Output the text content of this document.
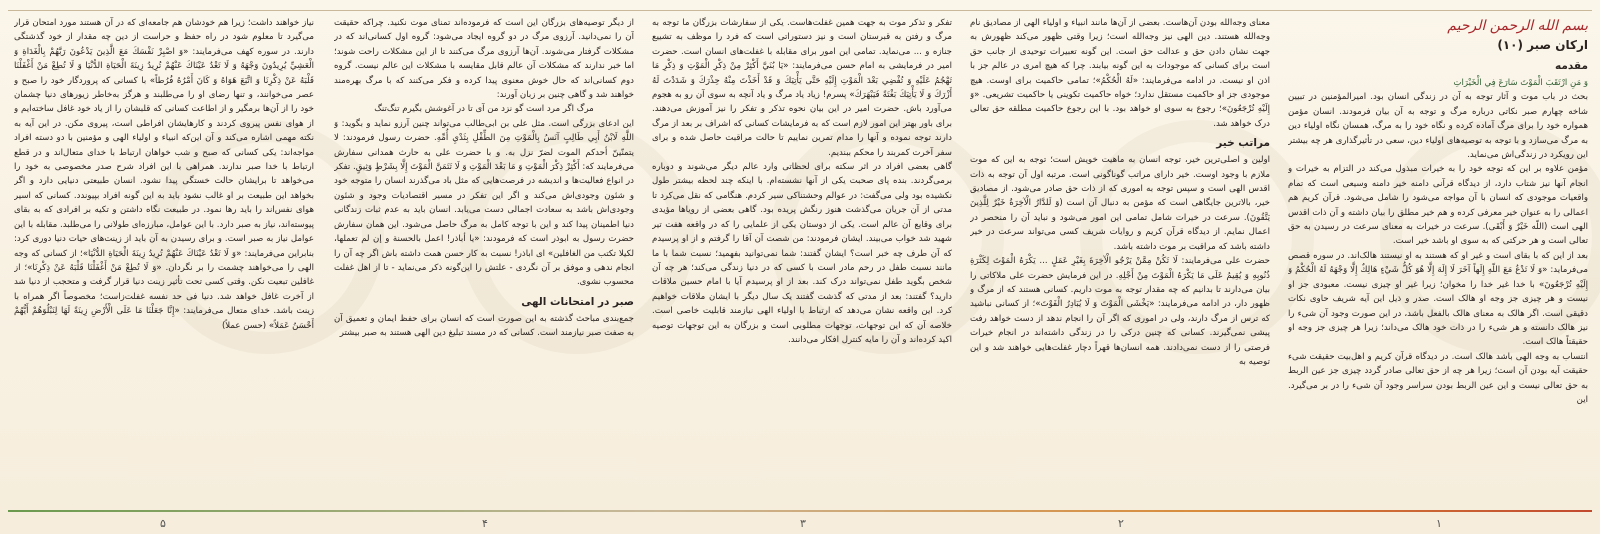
بسم الله الرحمن الرحيم
ارکان صبر (۱۰)
مقدمه

وَ مَنِ ارْتَقَبَ الْمَوْتَ سَارَعَ فِي الْخَيْرَاتِ

بحث در باب موت و آثار توجه به آن در زندگی انسان بود. امیرالمؤمنین در تبیین شاخه چهارم صبر نکاتی درباره مرگ و توجه به آن بیان فرمودند. انسان مؤمن همواره خود را برای مرگ آماده کرده و نگاه خود را به مرگ، همسان نگاه اولیاء دین به مرگ می‌سازد و با توجه به توصیه‌های اولیاء دین، سعی در تأثیرگذاری هر چه بیشتر این رویکرد در زندگی‌اش می‌نماید.

مؤمن علاوه بر این که توجه خود را به خیرات مبذول می‌کند در التزام به خیرات و انجام آنها نیز شتاب دارد، از دیدگاه قرآنی دامنه خیر دامنه وسیعی است که تمام واقعیات موجودی که انسان با آن مواجه می‌شود را شامل می‌شود. قرآن کریم هم اعمالی را به عنوان خیر معرفی کرده و هم خیر مطلق را بیان داشته و آن ذات اقدس الهی است (اللّه خَيْرٌ وَ أَبْقَى). سرعت در خیرات به معنای سرعت در رسیدن به حق تعالی است و هر حرکتی که به سوی او باشد خیر است.

بعد از این که با بقای است و غیر او که هستند به او نیستند هالک‌اند. در سوره قصص می‌فرماید: «وَ لَا تَدْعُ مَعَ اللّهِ إِلَهاً آخَرَ لَا إِلَهَ إِلَّا هُوَ كُلُّ شَيْءٍ هَالِكٌ إِلَّا وَجْهَهُ لَهُ الْحُكْمُ وَ إِلَيْهِ تُرْجَعُونَ» با خدا غیر خدا را مخوان؛ زیرا غیر او چیزی نیست. معبودی جز او نیست و هر چیزی جز وجه او هالک است. صدر و ذیل این آیه شریف حاوی نکات دقیقی است. اگر هالک به معنای هالک بالفعل باشد، در این صورت وجود آن شیء را نیز هالک دانسته و هر شیء را در ذات خود هالک می‌داند؛ زیرا هر چیزی جز وجه او حقیقتاً هالک است.

انتساب به وجه الهی باشد هالک است. در دیدگاه قرآن کریم و اهل‌بیت حقیقت شیء حقیقت آیه بودن آن است؛ زیرا هر چه از حق تعالی صادر گردد چیزی جز عین الربط به حق تعالی نیست و این عین الربط بودن سراسر وجود آن شیء را در بر می‌گیرد. این

معنای وجه‌الله بودن آن‌هاست. بعضی از آن‌ها مانند انبیاء و اولیاء الهی از مصادیق نام وجه‌الله هستند. دین الهی نیز وجه‌الله است؛ زیرا وقتی ظهور می‌کند ظهورش به جهت نشان دادن حق و عدالت حق است. این گونه تعبیرات توحیدی از جانب حق است برای کسانی که موجودات به این گونه بیابند. چرا که هیچ امری در عالم جز با اذن او نیست. در ادامه می‌فرمایند: «لَهُ الْحُكْمُ»؛ تمامی حاکمیت برای اوست. هیچ موجودی جز او حاکمیت مستقل ندارد؛ خواه حاکمیت تکوینی یا حاکمیت تشریعی. «وَ إِلَيْهِ تُرْجَعُونَ»؛ رجوع به سوی او خواهد بود. با این رجوع حاکمیت مطلقه حق تعالی درک خواهد شد.

مراتب خیر

اولین و اصلی‌ترین خیر، توجه انسان به ماهیت خویش است؛ توجه به این که موت ملازم با وجود اوست. خیر دارای مراتب گوناگونی است. مرتبه اول آن توجه به ذات اقدس الهی است و سپس توجه به اموری که از ذات حق صادر می‌شود. از مصادیق خیر، بالاترین جایگاهی است که مؤمن به دنبال آن است (وَ لَلدَّارُ الْآخِرَةُ خَيْرٌ لِلَّذِينَ يَتَّقُونَ). سرعت در خیرات شامل تمامی این امور می‌شود و نباید آن را منحصر در اعمال نمایم. از دیدگاه قرآن کریم و روایات شریف کسی می‌تواند سرعت در خیر داشته باشد که مراقبت بر موت داشته باشد.

حضرت علی می‌فرمایند: لَا تَكُنْ مِمَّنْ يَرْجُو الْآخِرَةَ بِغَيْرِ عَمَلٍ ... يَكْرَهُ الْمَوْتَ لِكَثْرَةِ ذُنُوبِهِ وَ يُقِيمُ عَلَى مَا يَكْرَهُ الْمَوْتَ مِنْ أَجْلِهِ. در این فرمایش حضرت علی ملاکاتی را بیان می‌دارند تا بدانیم که چه مقدار توجه به موت داریم. کسانی هستند که از مرگ و ظهور دار، در ادامه می‌فرمایند: «يَخْشَى الْمَوْتَ وَ لَا يُبَادِرُ الْفَوْتَ»؛ از کسانی نباشید که ترس از مرگ دارند، ولی در اموری که اگر آن را انجام ندهد از دست خواهد رفت پیشی نمی‌گیرند. کسانی که چنین درکی را در زندگی داشته‌اند در انجام خیرات فرصتی را از دست نمی‌دادند. همه انسان‌ها قهراً دچار غفلت‌هایی خواهند شد و این توصیه به

تفکر و تذکر موت به جهت همین غفلت‌هاست. یکی از سفارشات بزرگان ما توجه به مرگ و رفتن به قبرستان است و نیز دستوراتی است که فرد را موظف به تشییع جنازه و ... می‌نماید. تمامی این امور برای مقابله با غفلت‌های انسان است. حضرت امیر در فرمایشی به امام حسن می‌فرمایند: «يَا بُنَيَّ أَكْثِرْ مِنْ ذِكْرِ الْمَوْتِ وَ ذِكْرِ مَا تَهْجُمُ عَلَيْهِ وَ تُفْضِي بَعْدَ الْمَوْتِ إِلَيْهِ حَتَّى يَأْتِيَكَ وَ قَدْ أَخَذْتَ مِنْهُ حِذْرَكَ وَ شَدَدْتَ لَهُ أَزْرَكَ وَ لَا يَأْتِيَكَ بَغْتَةً فَيَبْهَرَكَ» پسرم! زیاد یاد مرگ و یاد آنچه به سوی آن رو به هجوم می‌آورد باش. حضرت امیر در این بیان نحوه تذکر و تفکر را نیز آموزش می‌دهند. برای باور بهتر این امور لازم است که به فرمایشات کسانی که اشراف بر بعد از مرگ دارند توجه نموده و آنها را مدام تمرین نماییم تا حالت مراقبت حاصل شده و برای سفر آخرت کمربند را محکم ببندیم.

گاهی بعضی افراد در اثر سکته برای لحظاتی وارد عالم دیگر می‌شوند و دوباره برمی‌گردند. بنده پای صحبت یکی از آنها نشسته‌ام. با اینکه چند لحظه بیشتر طول نکشیده بود ولی می‌گفت: در عوالم وحشتناکی سیر کردم. هنگامی که نقل می‌کرد تا مدتی از آن جریان می‌گذشت هنوز رنگش پریده بود. گاهی بعضی از رویاها مؤیدی برای وقایع آن عالم است. یکی از دوستان یکی از علمایی را که در واقعه هفت تیر شهید شد خواب می‌بیند. ایشان فرمودند: من شصت آن آقا را گرفتم و از او پرسیدم که آن طرف چه خبر است؟ ایشان گفتند: شما نمی‌توانید بفهمید؛ نسبت شما با ما مانند نسبت طفل در رحم مادر است با کسی که در دنیا زندگی می‌کند؛ هر چه آن شخص بگوید طفل نمی‌تواند درک کند. بعد از او پرسیدم آیا با امام حسین ملاقات دارید؟ گفتند: بعد از مدتی که گذشت گفتند یک سال دیگر با ایشان ملاقات خواهیم کرد. این واقعه نشان می‌دهد که ارتباط با اولیاء الهی نیازمند قابلیت خاصی است. خلاصه آن که این توجهات، توجهات مطلوبی است و بزرگان به این توجهات توصیه اکید کرده‌اند و آن را مایه کنترل افکار می‌دانند.

از دیگر توصیه‌های بزرگان این است که فرموده‌اند تمنای موت نکنید. چراکه حقیقت آن را نمی‌دانید. آرزوی مرگ در دو گروه ایجاد می‌شود: گروه اول کسانی‌اند که در مشکلات گرفتار می‌شوند. آن‌ها آرزوی مرگ می‌کنند تا از این مشکلات راحت شوند؛ اما خبر ندارند که مشکلات آن عالم قابل مقایسه با مشکلات این عالم نیست. گروه دوم کسانی‌اند که حال خوش معنوی پیدا کرده و فکر می‌کنند که با مرگ بهره‌مند خواهند شد و گاهی چنین بر زبان آورند:

مرگ اگر مرد است گو نزد من آی تا در آغوشش بگیرم تنگ‌تنگ

این ادعای بزرگی است. مثل علی بن ابی‌طالب می‌تواند چنین آرزو نماید و بگوید: وَ اللَّهِ لَابْنُ أَبِي طَالِبٍ آنَسُ بِالْمَوْتِ مِنَ الطِّفْلِ بِثَدْيِ أُمِّهِ. حضرت رسول فرمودند: لا يتمنّينّ أحدكم الموت لضرّ نزل به. و با حضرت علی به حارث همدانی سفارش می‌فرمایند که: أَكْثِرْ ذِكْرَ الْمَوْتِ وَ مَا بَعْدَ الْمَوْتِ وَ لَا تَتَمَنَّ الْمَوْتَ إِلَّا بِشَرْطٍ وَثِيقٍ. تفکر در انواع فعالیت‌ها و اندیشه در فرصت‌هایی که مثل باد می‌گذرند انسان را متوجه خود و شئون وجودی‌اش می‌کند و اگر این تفکر در مسیر اقتصادیات وجود و شئون وجودی‌اش باشد به سعادت اجمالی دست می‌یابد. انسان باید به عدم ثبات زندگانی دنیا اطمینان پیدا کند و این با توجه کامل به مرگ حاصل می‌شود. این همان سفارش حضرت رسول به ابوذر است که فرمودند: «يا أباذر! اعمل بالحسنة و إن لم تعملها، لكيلا تكتب من الغافلين» ای اباذر! نسبت به کار حسن همت داشته باش اگر چه آن را انجام ندهی و موفق بر آن نگردی - علتش را این‌گونه ذکر می‌نماید - تا از اهل غفلت محسوب نشوی.

صبر در امتحانات الهی

جمع‌بندی مباحث گذشته به این صورت است که انسان برای حفظ ایمان و تعمیق آن به صفت صبر نیازمند است. کسانی که در مسند تبلیغ دین الهی هستند به صبر بیشتر

نیاز خواهند داشت؛ زیرا هم خودشان هم جامعه‌ای که در آن هستند مورد امتحان قرار می‌گیرد تا معلوم شود در راه حفظ و حراست از دین چه مقدار از خود گذشتگی دارند. در سوره کهف می‌فرمایند: «وَ اصْبِرْ نَفْسَكَ مَعَ الَّذِينَ يَدْعُونَ رَبَّهُمْ بِالْغَدَاةِ وَ الْعَشِيِّ يُرِيدُونَ وَجْهَهُ وَ لَا تَعْدُ عَيْنَاكَ عَنْهُمْ تُرِيدُ زِينَةَ الْحَيَاةِ الدُّنْيَا وَ لَا تُطِعْ مَنْ أَغْفَلْنَا قَلْبَهُ عَنْ ذِكْرِنَا وَ اتَّبَعَ هَوَاهُ وَ كَانَ أَمْرُهُ فُرُطاً» با کسانی که پروردگار خود را صبح و عصر می‌خوانند، و تنها رضای او را می‌طلبند و هرگز به‌خاطر زیورهای دنیا چشمان خود را از آن‌ها برمگیر و از اطاعت کسانی که قلبشان را از یاد خود غافل ساخته‌ایم و از هوای نفس پیروی کردند و کارهایشان افراطی است، پیروی مکن. در این آیه به نکته مهمی اشاره می‌کند و آن این‌که انبیاء و اولیاء الهی و مؤمنین با دو دسته افراد مواجه‌اند: یکی کسانی که صبح و شب خواهان ارتباط با خدای متعال‌اند و در قطع ارتباط با خدا صبر ندارند. همراهی با این افراد شرح صدر مخصوصی به خود را می‌خواهد تا برایشان حالت خستگی پیدا نشود. انسان طبیعتی دنیایی دارد و اگر بخواهد این طبیعت بر او غالب نشود باید به این گونه افراد بپیوندد. کسانی که اسیر هوای نفس‌اند را باید رها نمود. در طبیعت نگاه داشتن و تکیه بر افرادی که به بقای پیوسته‌اند، نیاز به صبر دارد. با این عوامل، مبارزه‌ای طولانی را می‌طلبد. مقابله با این عوامل نیاز به صبر است. و برای رسیدن به آن باید از زینت‌های حیات دنیا دوری کرد: بنابراین می‌فرمایند: «وَ لَا تَعْدُ عَيْنَاكَ عَنْهُمْ تُرِيدُ زِينَةَ الْحَيَاةِ الدُّنْيَا»؛ از کسانی که وجه الهی را می‌خواهند چشمت را بر نگردان. «وَ لَا تُطِعْ مَنْ أَغْفَلْنَا قَلْبَهُ عَنْ ذِكْرِنَا»؛ از غافلین تبعیت نکن. وقتی کسی تحت تأثیر زینت دنیا قرار گرفت و متحجب از دنیا شد از آخرت غافل خواهد شد. دنیا فی حد نفسه غفلت‌زاست؛ مخصوصاً اگر همراه با زینت باشد. خدای متعال می‌فرمایند: «إِنَّا جَعَلْنَا مَا عَلَى الْأَرْضِ زِينَةً لَهَا لِنَبْلُوَهُمْ أَيُّهُمْ أَحْسَنُ عَمَلاً» (حسن عملاً)

۱
۲
۳
۴
۵
